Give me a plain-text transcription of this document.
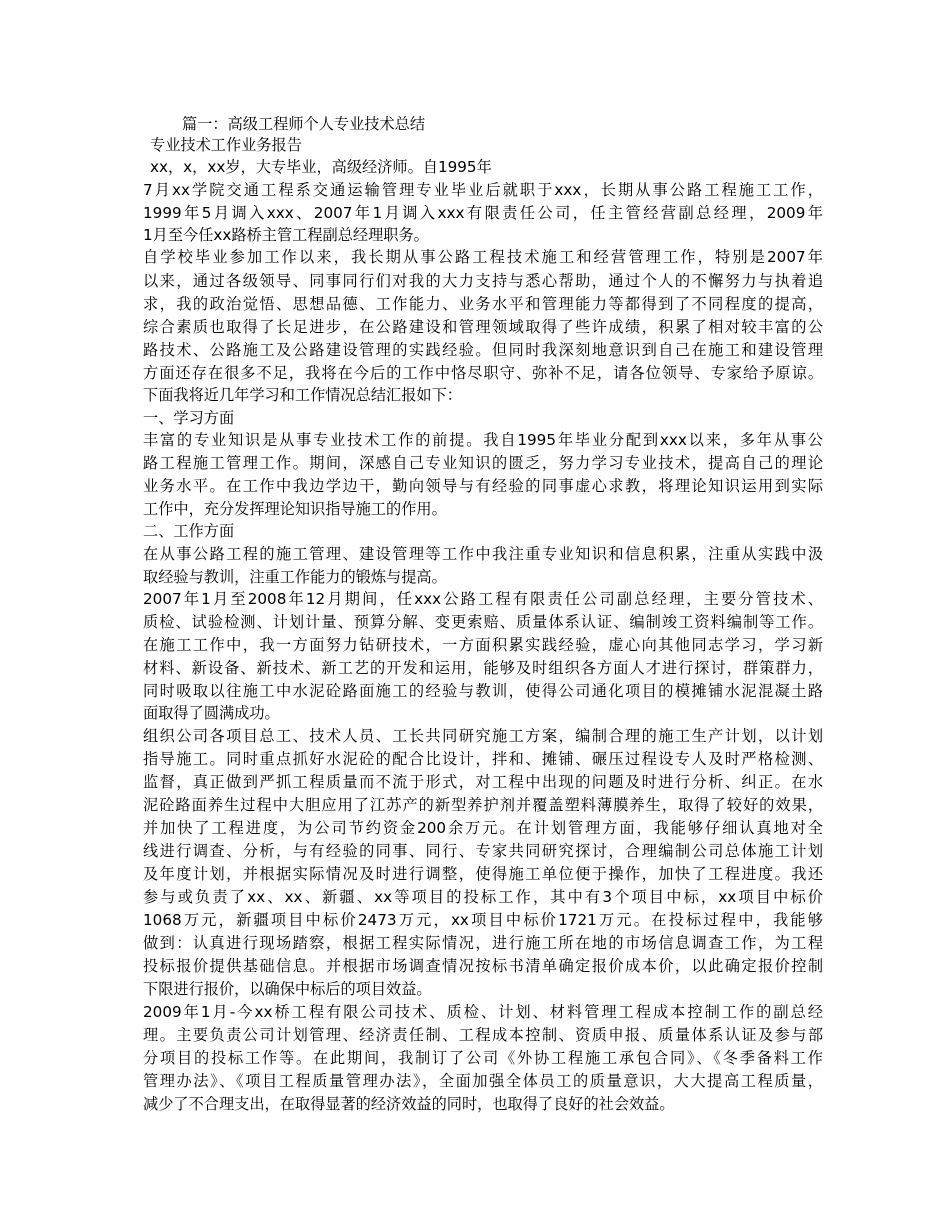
篇一：高级工程师个人专业技术总结
专业技术工作业务报告
xx，x，xx岁，大专毕业，高级经济师。自1995年
7月xx学院交通工程系交通运输管理专业毕业后就职于xxx，长期从事公路工程施工工作，
1999年5月调入xxx、2007年1月调入xxx有限责任公司，任主管经营副总经理，2009年
1月至今任xx路桥主管工程副总经理职务。
自学校毕业参加工作以来，我长期从事公路工程技术施工和经营管理工作，特别是2007年
以来，通过各级领导、同事同行们对我的大力支持与悉心帮助，通过个人的不懈努力与执着追
求，我的政治觉悟、思想品德、工作能力、业务水平和管理能力等都得到了不同程度的提高，
综合素质也取得了长足进步，在公路建设和管理领域取得了些许成绩，积累了相对较丰富的公
路技术、公路施工及公路建设管理的实践经验。但同时我深刻地意识到自己在施工和建设管理
方面还存在很多不足，我将在今后的工作中恪尽职守、弥补不足，请各位领导、专家给予原谅。
下面我将近几年学习和工作情况总结汇报如下：
一、学习方面
丰富的专业知识是从事专业技术工作的前提。我自1995年毕业分配到xxx以来，多年从事公
路工程施工管理工作。期间，深感自己专业知识的匮乏，努力学习专业技术，提高自己的理论
业务水平。在工作中我边学边干，勤向领导与有经验的同事虚心求教，将理论知识运用到实际
工作中，充分发挥理论知识指导施工的作用。
二、工作方面
在从事公路工程的施工管理、建设管理等工作中我注重专业知识和信息积累，注重从实践中汲
取经验与教训，注重工作能力的锻炼与提高。
2007年1月至2008年12月期间，任xxx公路工程有限责任公司副总经理，主要分管技术、
质检、试验检测、计划计量、预算分解、变更索赔、质量体系认证、编制竣工资料编制等工作。
在施工工作中，我一方面努力钻研技术，一方面积累实践经验，虚心向其他同志学习，学习新
材料、新设备、新技术、新工艺的开发和运用，能够及时组织各方面人才进行探讨，群策群力，
同时吸取以往施工中水泥砼路面施工的经验与教训，使得公司通化项目的模摊铺水泥混凝土路
面取得了圆满成功。
组织公司各项目总工、技术人员、工长共同研究施工方案，编制合理的施工生产计划，以计划
指导施工。同时重点抓好水泥砼的配合比设计，拌和、摊铺、碾压过程设专人及时严格检测、
监督，真正做到严抓工程质量而不流于形式，对工程中出现的问题及时进行分析、纠正。在水
泥砼路面养生过程中大胆应用了江苏产的新型养护剂并覆盖塑料薄膜养生，取得了较好的效果，
并加快了工程进度，为公司节约资金200余万元。在计划管理方面，我能够仔细认真地对全
线进行调查、分析，与有经验的同事、同行、专家共同研究探讨，合理编制公司总体施工计划
及年度计划，并根据实际情况及时进行调整，使得施工单位便于操作，加快了工程进度。我还
参与或负责了xx、xx、新疆、xx等项目的投标工作，其中有3个项目中标，xx项目中标价
1068万元，新疆项目中标价2473万元，xx项目中标价1721万元。在投标过程中，我能够
做到：认真进行现场踏察，根据工程实际情况，进行施工所在地的市场信息调查工作，为工程
投标报价提供基础信息。并根据市场调查情况按标书清单确定报价成本价，以此确定报价控制
下限进行报价，以确保中标后的项目效益。
2009年1月-今xx桥工程有限公司技术、质检、计划、材料管理工程成本控制工作的副总经
理。主要负责公司计划管理、经济责任制、工程成本控制、资质申报、质量体系认证及参与部
分项目的投标工作等。在此期间，我制订了公司《外协工程施工承包合同》、《冬季备料工作
管理办法》、《项目工程质量管理办法》，全面加强全体员工的质量意识，大大提高工程质量，
减少了不合理支出，在取得显著的经济效益的同时，也取得了良好的社会效益。
